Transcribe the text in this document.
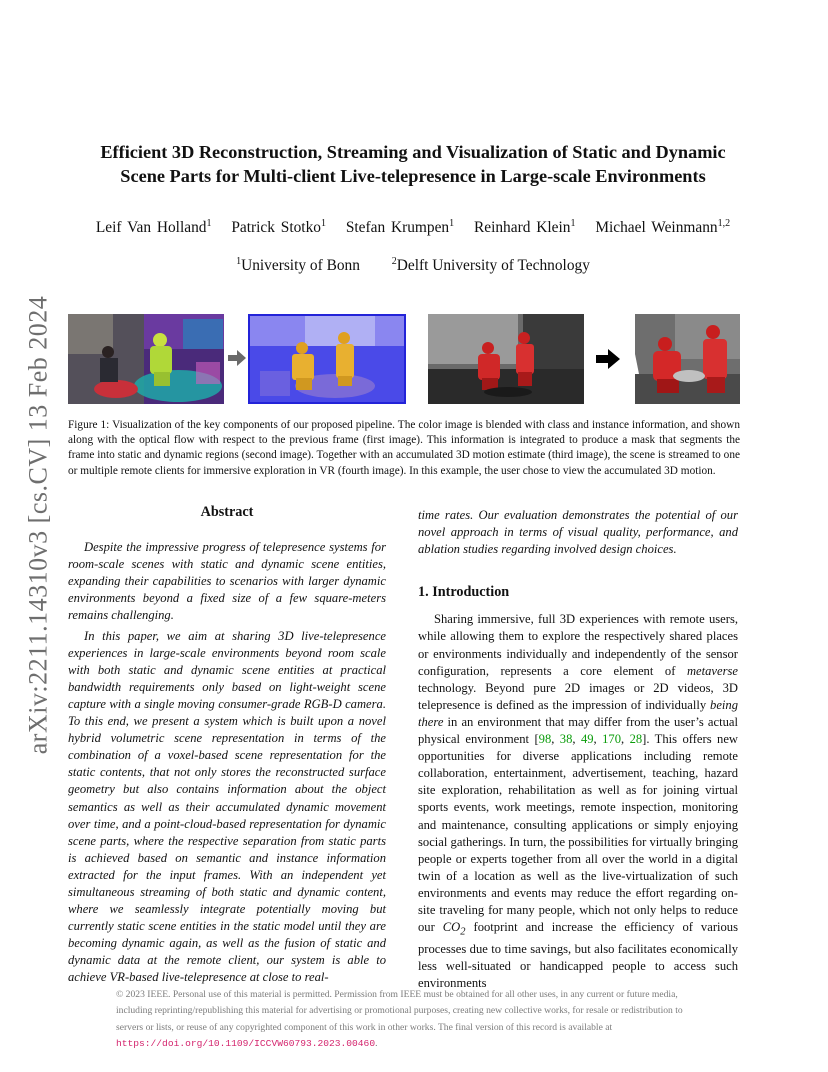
arXiv:2211.14310v3 [cs.CV] 13 Feb 2024
Efficient 3D Reconstruction, Streaming and Visualization of Static and Dynamic
Scene Parts for Multi-client Live-telepresence in Large-scale Environments
Leif Van Holland$^1$ Patrick Stotko$^1$ Stefan Krumpen$^1$ Reinhard Klein$^1$ Michael Weinmann$^{1,2}$
$^1$University of Bonn	$^2$Delft University of Technology
Figure 1: Visualization of the key components of our proposed pipeline. The color image is blended with class and instance information, and shown along with the optical flow with respect to the previous frame (first image). This information is integrated to produce a mask that segments the frame into static and dynamic regions (second image). Together with an accumulated 3D motion estimate (third image), the scene is streamed to one or multiple remote clients for immersive exploration in VR (fourth image). In this example, the user chose to view the accumulated 3D motion.
Abstract

Despite the impressive progress of telepresence systems for room-scale scenes with static and dynamic scene entities, expanding their capabilities to scenarios with larger dynamic environments beyond a fixed size of a few square-meters remains challenging.

In this paper, we aim at sharing 3D live-telepresence experiences in large-scale environments beyond room scale with both static and dynamic scene entities at practical bandwidth requirements only based on light-weight scene capture with a single moving consumer-grade RGB-D camera. To this end, we present a system which is built upon a novel hybrid volumetric scene representation in terms of the combination of a voxel-based scene representation for the static contents, that not only stores the reconstructed surface geometry but also contains information about the object semantics as well as their accumulated dynamic movement over time, and a point-cloud-based representation for dynamic scene parts, where the respective separation from static parts is achieved based on semantic and instance information extracted for the input frames. With an independent yet simultaneous streaming of both static and dynamic content, where we seamlessly integrate potentially moving but currently static scene entities in the static model until they are becoming dynamic again, as well as the fusion of static and dynamic data at the remote client, our system is able to achieve VR-based live-telepresence at close to real-

time rates. Our evaluation demonstrates the potential of our novel approach in terms of visual quality, performance, and ablation studies regarding involved design choices.

1. Introduction

Sharing immersive, full 3D experiences with remote users, while allowing them to explore the respectively shared places or environments individually and independently of the sensor configuration, represents a core element of metaverse technology. Beyond pure 2D images or 2D videos, 3D telepresence is defined as the impression of individually being there in an environment that may differ from the user’s actual physical environment [98, 38, 49, 170, 28]. This offers new opportunities for diverse applications including remote collaboration, entertainment, advertisement, teaching, hazard site exploration, rehabilitation as well as for joining virtual sports events, work meetings, remote inspection, monitoring and maintenance, consulting applications or simply enjoying social gatherings. In turn, the possibilities for virtually bringing people or experts together from all over the world in a digital twin of a location as well as the live-virtualization of such environments and events may reduce the effort regarding on-site traveling for many people, which not only helps to reduce our $CO_2$ footprint and increase the efficiency of various processes due to time savings, but also facilitates economically less well-situated or handicapped people to access such environments

© 2023 IEEE. Personal use of this material is permitted. Permission from IEEE must be obtained for all other uses, in any current or future media, including reprinting/republishing this material for advertising or promotional purposes, creating new collective works, for resale or redistribution to servers or lists, or reuse of any copyrighted component of this work in other works. The final version of this record is available at https://doi.org/10.1109/ICCVW60793.2023.00460.
